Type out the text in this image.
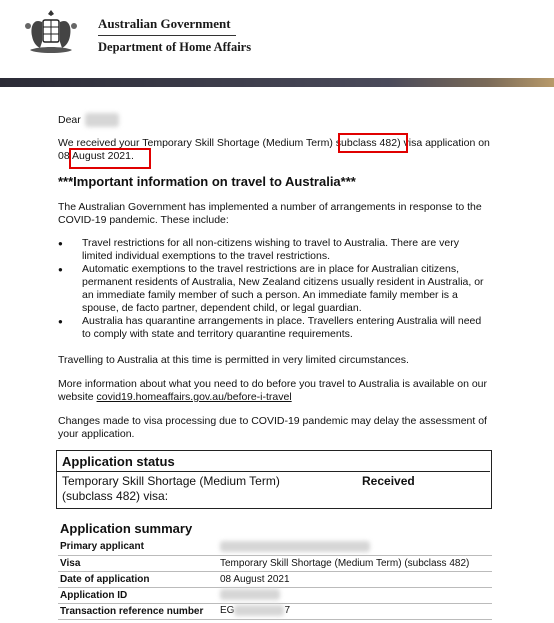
Australian Government
Department of Home Affairs
Dear
We received your Temporary Skill Shortage (Medium Term) subclass 482) visa application on 08 August 2021.
***Important information on travel to Australia***

The Australian Government has implemented a number of arrangements in response to the COVID-19 pandemic. These include:

● Travel restrictions for all non-citizens wishing to travel to Australia. There are very limited individual exemptions to the travel restrictions.
● Automatic exemptions to the travel restrictions are in place for Australian citizens, permanent residents of Australia, New Zealand citizens usually resident in Australia, or an immediate family member of such a person. An immediate family member is a spouse, de facto partner, dependent child, or legal guardian.
● Australia has quarantine arrangements in place. Travellers entering Australia will need to comply with state and territory quarantine requirements.

Travelling to Australia at this time is permitted in very limited circumstances.

More information about what you need to do before you travel to Australia is available on our website covid19.homeaffairs.gov.au/before-i-travel

Changes made to visa processing due to COVID-19 pandemic may delay the assessment of your application.

Application status
Temporary Skill Shortage (Medium Term) (subclass 482) visa:
Received
Application summary
Primary applicant	
Visa	Temporary Skill Shortage (Medium Term) (subclass 482)
Date of application	08 August 2021
Application ID	
Transaction reference number	EG 7
